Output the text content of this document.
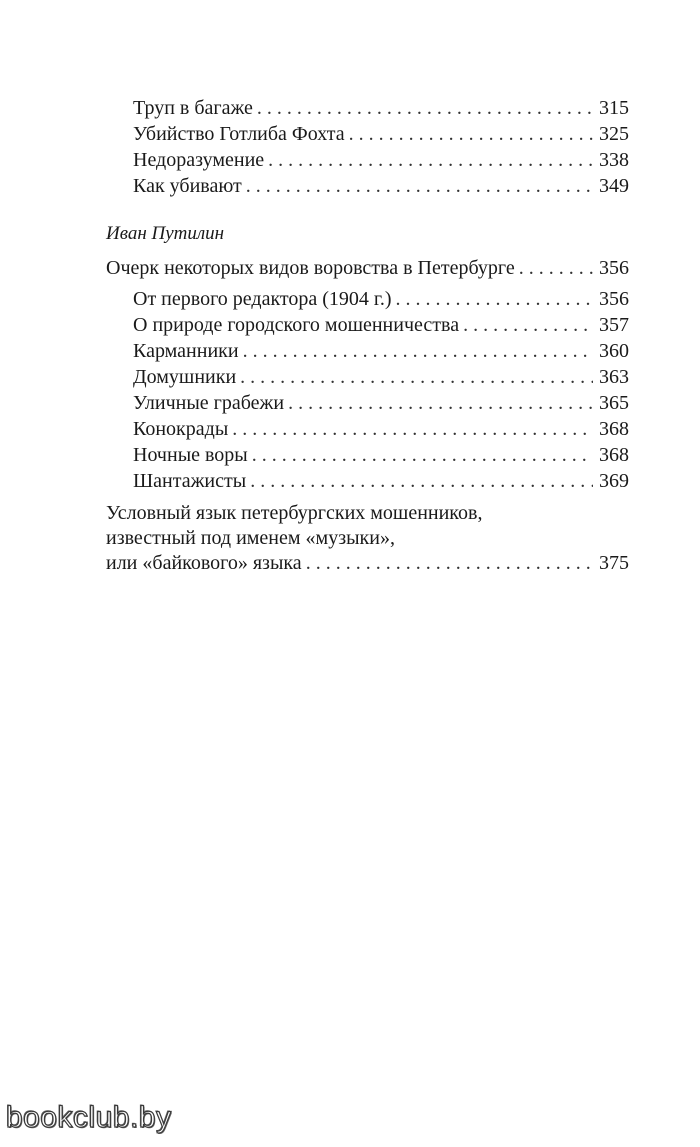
Труп в багаже . . .	315
Убийство Готлиба Фохта . . .	325
Недоразумение . . .	338
Как убивают . . .	349
Иван Путилин
Очерк некоторых видов воровства в Петербурге . . .	356
От первого редактора (1904 г.) . . .	356
О природе городского мошенничества . . .	357
Карманники . . .	360
Домушники . . .	363
Уличные грабежи . . .	365
Конокрады . . .	368
Ночные воры . . .	368
Шантажисты . . .	369
Условный язык петербургских мошенников,
известный под именем «музыки»,
или «байкового» языка . . .	375
bookclub.by
